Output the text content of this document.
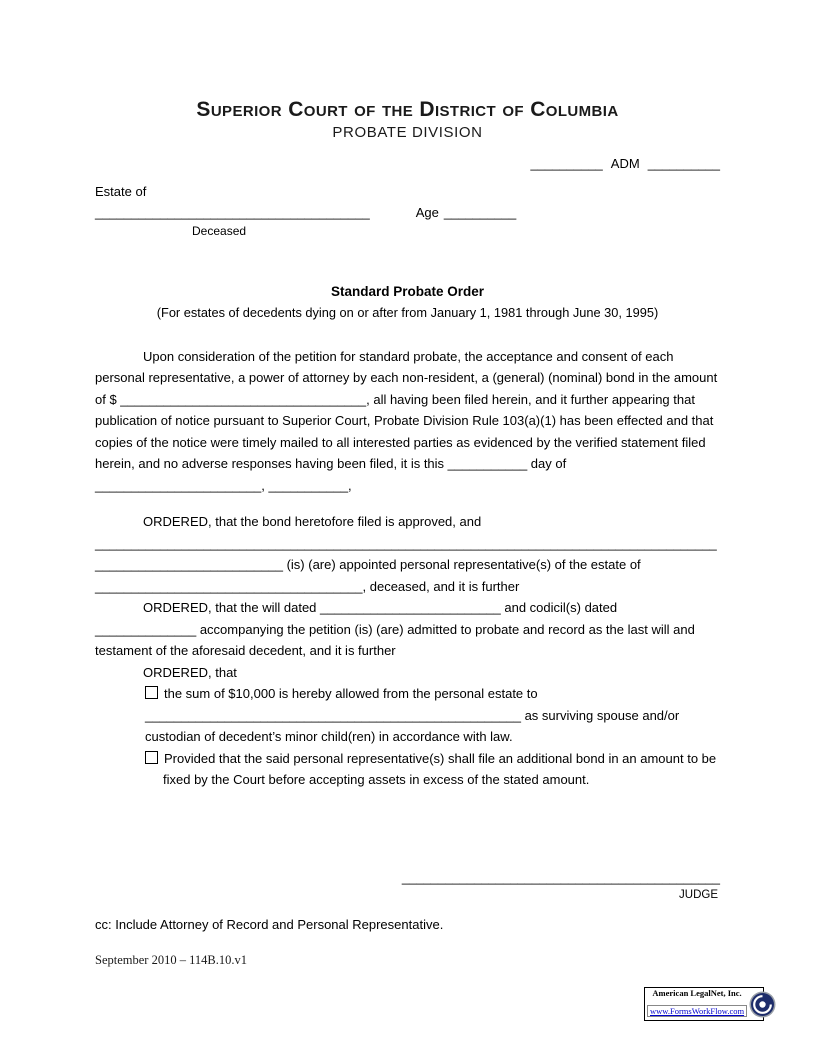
Superior Court of the District of Columbia
PROBATE DIVISION
__________ ADM __________
Estate of
______________________________________	Age __________
Deceased
Standard Probate Order
(For estates of decedents dying on or after from January 1, 1981 through June 30, 1995)

Upon consideration of the petition for standard probate, the acceptance and consent of each personal representative, a power of attorney by each non-resident, a (general) (nominal) bond in the amount of $ __________________________________, all having been filed herein, and it further appearing that publication of notice pursuant to Superior Court, Probate Division Rule 103(a)(1) has been effected and that copies of the notice were timely mailed to all interested parties as evidenced by the verified statement filed herein, and no adverse responses having been filed, it is this ___________ day of _______________________, ___________,

ORDERED, that the bond heretofore filed is approved, and ________________________________________________________________________________________________________________ (is) (are) appointed personal representative(s) of the estate of _____________________________________, deceased, and it is further

ORDERED, that the will dated _________________________ and codicil(s) dated ______________ accompanying the petition (is) (are) admitted to probate and record as the last will and testament of the aforesaid decedent, and it is further

ORDERED, that

the sum of $10,000 is hereby allowed from the personal estate to ____________________________________________________ as surviving spouse and/or custodian of decedent’s minor child(ren) in accordance with law.

Provided that the said personal representative(s) shall file an additional bond in an amount to be fixed by the Court before accepting assets in excess of the stated amount.

____________________________________________
JUDGE

cc: Include Attorney of Record and Personal Representative.

September 2010 – 114B.10.v1
American LegalNet, Inc.
www.FormsWorkFlow.com
